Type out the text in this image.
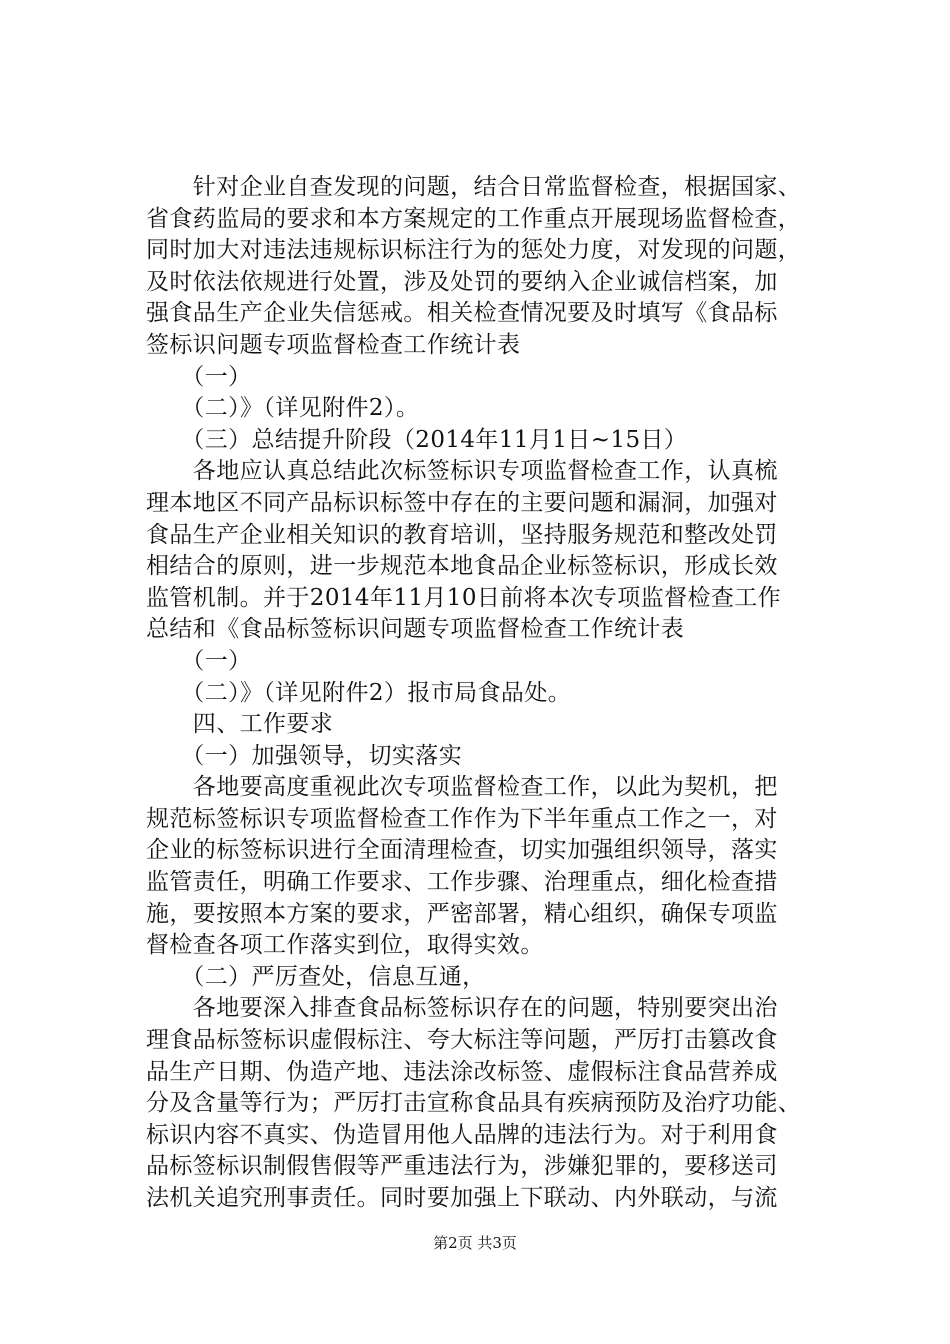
　　针对企业自查发现的问题，结合日常监督检查，根据国家、
省食药监局的要求和本方案规定的工作重点开展现场监督检查，
同时加大对违法违规标识标注行为的惩处力度，对发现的问题，
及时依法依规进行处置，涉及处罚的要纳入企业诚信档案，加
强食品生产企业失信惩戒。相关检查情况要及时填写《食品标
签标识问题专项监督检查工作统计表
　　（一）
　　（二）》（详见附件2）。
　　（三）总结提升阶段（2014年11月1日~15日）
　　各地应认真总结此次标签标识专项监督检查工作，认真梳
理本地区不同产品标识标签中存在的主要问题和漏洞，加强对
食品生产企业相关知识的教育培训，坚持服务规范和整改处罚
相结合的原则，进一步规范本地食品企业标签标识，形成长效
监管机制。并于2014年11月10日前将本次专项监督检查工作
总结和《食品标签标识问题专项监督检查工作统计表
　　（一）
　　（二）》（详见附件2）报市局食品处。
　　四、工作要求
　　（一）加强领导，切实落实
　　各地要高度重视此次专项监督检查工作，以此为契机，把
规范标签标识专项监督检查工作作为下半年重点工作之一，对
企业的标签标识进行全面清理检查，切实加强组织领导，落实
监管责任，明确工作要求、工作步骤、治理重点，细化检查措
施，要按照本方案的要求，严密部署，精心组织，确保专项监
督检查各项工作落实到位，取得实效。
　　（二）严厉查处，信息互通，
　　各地要深入排查食品标签标识存在的问题，特别要突出治
理食品标签标识虚假标注、夸大标注等问题，严厉打击篡改食
品生产日期、伪造产地、违法涂改标签、虚假标注食品营养成
分及含量等行为；严厉打击宣称食品具有疾病预防及治疗功能、
标识内容不真实、伪造冒用他人品牌的违法行为。对于利用食
品标签标识制假售假等严重违法行为，涉嫌犯罪的，要移送司
法机关追究刑事责任。同时要加强上下联动、内外联动，与流
第2页 共3页
